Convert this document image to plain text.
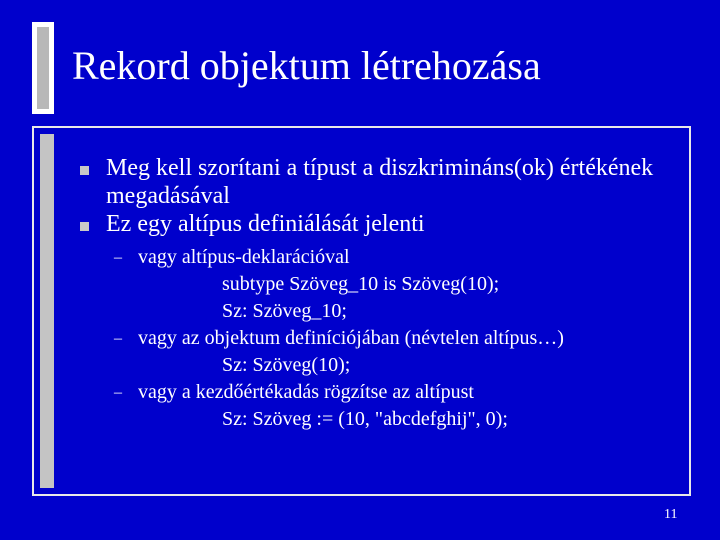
Rekord objektum létrehozása
Meg kell szorítani a típust a diszkrimináns(ok) értékének megadásával
Ez egy altípus definiálását jelenti
– vagy altípus-deklarációval
subtype Szöveg_10 is Szöveg(10);
Sz: Szöveg_10;
– vagy az objektum definíciójában (névtelen altípus…)
Sz: Szöveg(10);
– vagy a kezdőértékadás rögzítse az altípust
Sz: Szöveg := (10, "abcdefghij", 0);
11
